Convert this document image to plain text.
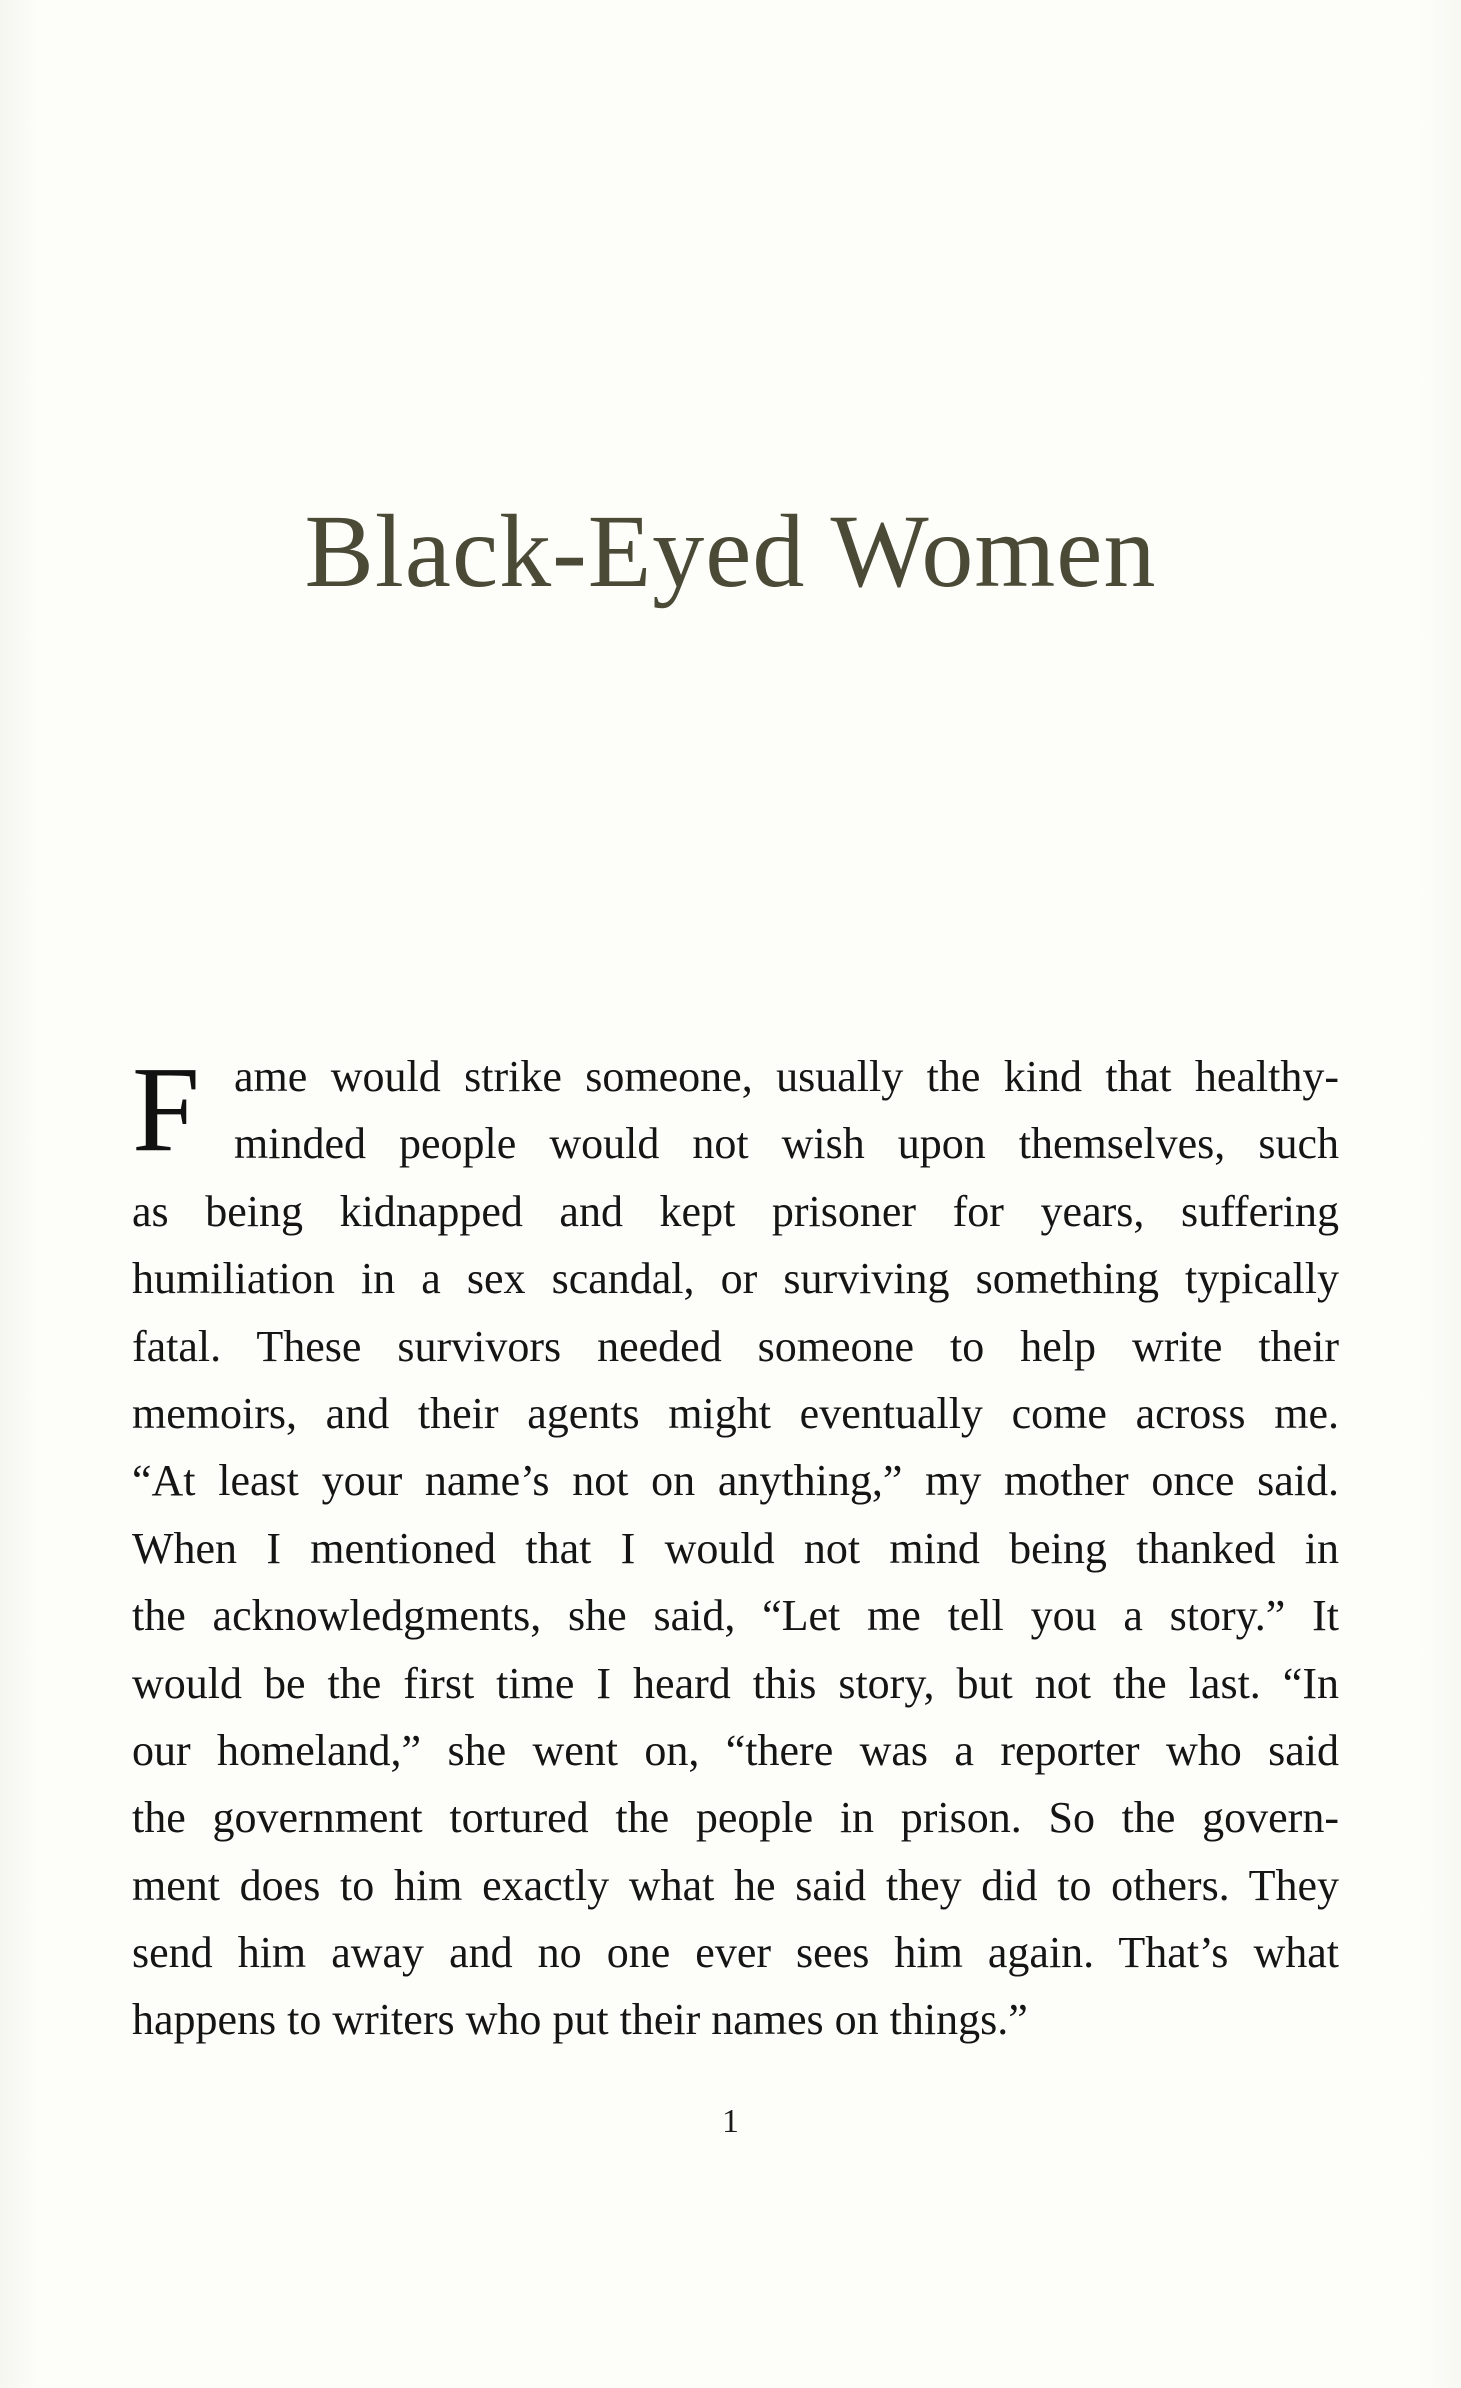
Black-Eyed Women
F ame would strike someone, usually the kind that healthy-
minded people would not wish upon themselves, such
as being kidnapped and kept prisoner for years, suffering
humiliation in a sex scandal, or surviving something typically
fatal. These survivors needed someone to help write their
memoirs, and their agents might eventually come across me.
“At least your name’s not on anything,” my mother once said.
When I mentioned that I would not mind being thanked in
the acknowledgments, she said, “Let me tell you a story.” It
would be the first time I heard this story, but not the last. “In
our homeland,” she went on, “there was a reporter who said
the government tortured the people in prison. So the govern-
ment does to him exactly what he said they did to others. They
send him away and no one ever sees him again. That’s what
happens to writers who put their names on things.”
1
